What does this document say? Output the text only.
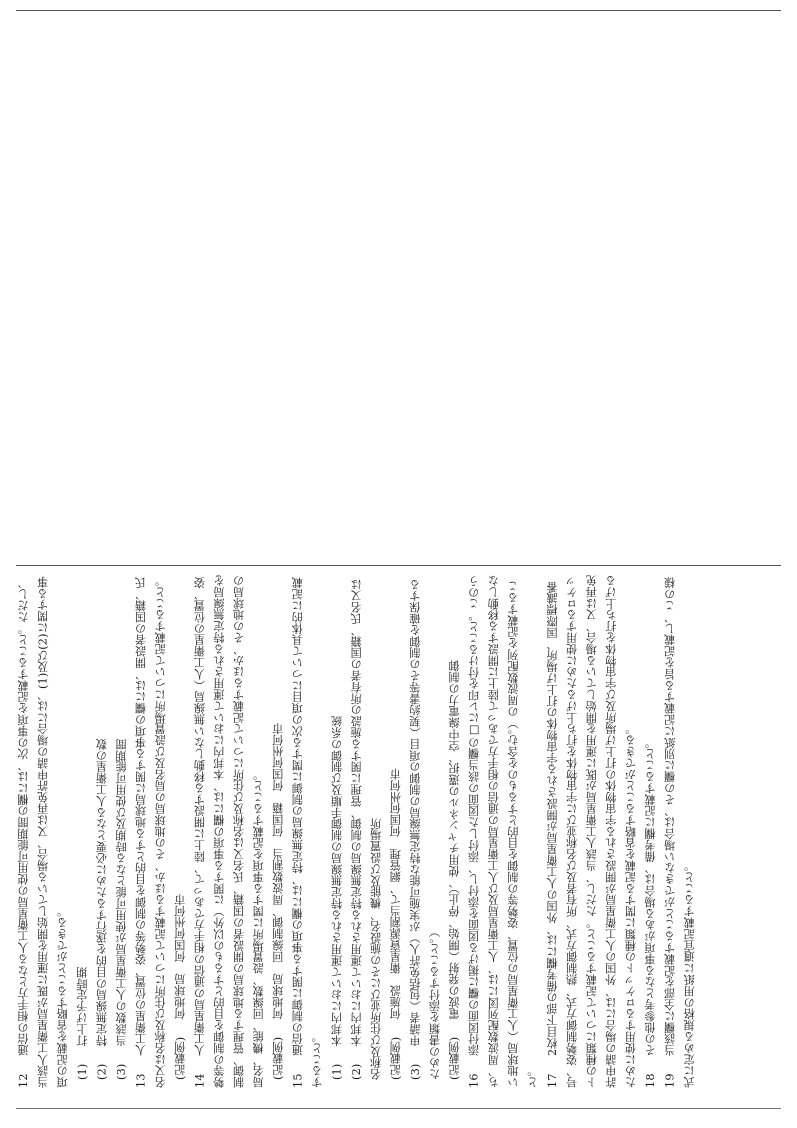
12　通信の相手方となる人工衛星局の使用可能期間の欄には、次の事項を記載すること。ただし、当該人工衛星局が既に運用を開始している場合、又は再免許申請の場合には、(1)及び(2)に関する事項の記載を省略することができる。 (1)　打上げ予定時期

(2)　特定無線局の目的を遂行するために必要となる人工衛星の数

(3)　当該数の人工衛星局が使用可能となる時期及び使用可能期間

13　人工衛星の位置、姿勢等の制御を目的とする地球局に関する事項の欄には、開設者の国籍、氏名又は名称及び住所について記載するほか、その地球局の局名及び設置場所について記載すること。 (記載例)　何地球局　何国何州何市

14　人工衛星局の通信の相手方であって、陸上に開設する移動しない無線局（人工衛星の位置、姿勢等の制御を目的とするもの以外）に関する事項の欄には、本邦内において運用される特定無線局を制御、管理する地球局の開設者の国籍、氏名又は名称及び住所について記載するほか、その地球局の局名、機能、回線数、設置場所に関する事項を記載すること。 (記載例)　何地球局　回線制御、周波数割当　何国籍　何国何州何市

15　通信の制御に関する事項の欄には、特定無線局の制御に関する次の項目について具体的に記載すること。 (1)　本邦内において運用される特定無線局の制御手順及び制御の系統

(2)　本邦内において運用される特定無線局の制御、管理に関する施設の所有者の国籍、氏名又は名称及び住所並びにその施設名、機能及び設置場所 (記載例)　何施設　衛星資源割当て、網管理　何国何州何市

(3)　申請者（包括免許人）が実施可能な特定無線局の制御の項目（契約書等その制御を確保するための書類を添付すること。） (記載例)　電波の発射（開始、停止）、使用チャンネルの選択、空中線電力の制御

16　添付図面の欄に掲げる図面を添付し、添付した図面の該当欄の□にレ印を付けること。このうち、周波数配列図には、人工衛星局及び人工衛星局の通信の相手方であって陸上に開設する移動しない地球局（人工衛星局の位置、姿勢等の制御を目的とするものを含む。）の周波数配列を記載すること。 17　2枚目下部の備考欄には、外国の人工衛星局が開設される宇宙物体の打上げ場所、国際標識番号、姿勢制御方式、熱制御方式、所有者及び名称並びに宇宙物体を打ち上げるために使用するロケットの種類について記載すること。ただし、当該人工衛星局が既に運用を開始している場合、又は再免許申請の場合には、外国の人工衛星局が開設される宇宙物体の打上げ場所及び宇宙物体を打ち上げるために使用するロケットの種類に関する記載を省略することができる。 18　その他参考となる事項がある場合は、備考欄に記載すること。

19　当該欄に全部を記載することができない場合は、その欄に別紙に記載する旨を記載し、この様式に定める規格の用紙に適宜記載すること。
